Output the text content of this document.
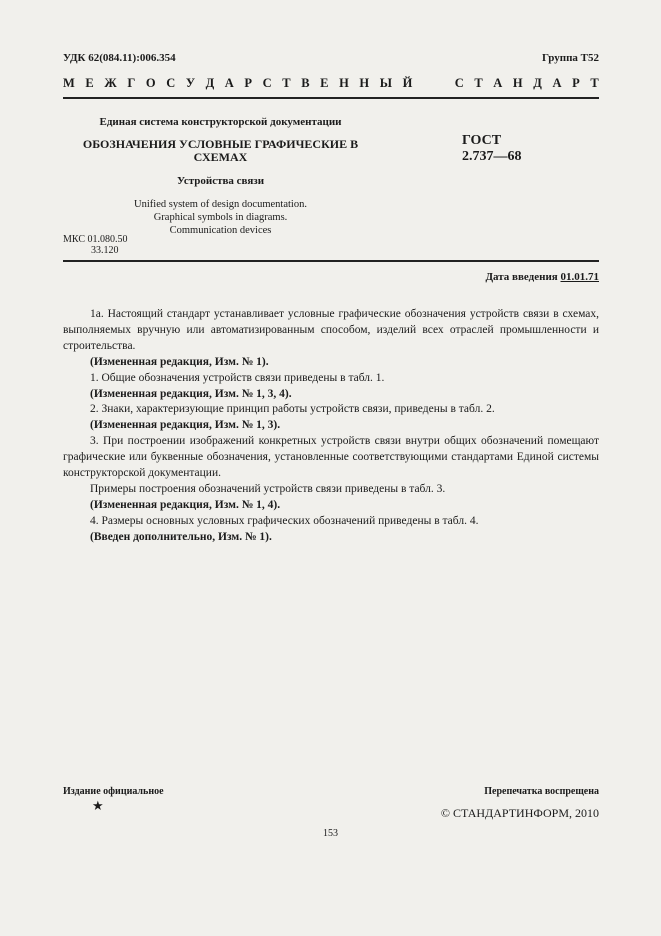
УДК 62(084.11):006.354	Группа Т52
М Е Ж Г О С У Д А Р С Т В Е Н Н Ы Й	С Т А Н Д А Р Т
Единая система конструкторской документации
ОБОЗНАЧЕНИЯ УСЛОВНЫЕ ГРАФИЧЕСКИЕ В
СХЕМАХ
Устройства связи
Unified system of design documentation.
Graphical symbols in diagrams.
Communication devices
ГОСТ
2.737—68
МКС 01.080.50
33.120
Дата введения 01.01.71

1а. Настоящий стандарт устанавливает условные графические обозначения устройств связи в схемах, выполняемых вручную или автоматизированным способом, изделий всех отраслей промышленности и строительства.

(Измененная редакция, Изм. № 1).

1. Общие обозначения устройств связи приведены в табл. 1.

(Измененная редакция, Изм. № 1, 3, 4).

2. Знаки, характеризующие принцип работы устройств связи, приведены в табл. 2.

(Измененная редакция, Изм. № 1, 3).

3. При построении изображений конкретных устройств связи внутри общих обозначений помещают графические или буквенные обозначения, установленные соответствующими стандартами Единой системы конструкторской документации.

Примеры построения обозначений устройств связи приведены в табл. 3.

(Измененная редакция, Изм. № 1, 4).

4. Размеры основных условных графических обозначений приведены в табл. 4.

(Введен дополнительно, Изм. № 1).

Издание официальное	Перепечатка воспрещена
★	© СТАНДАРТИНФОРМ, 2010
153
